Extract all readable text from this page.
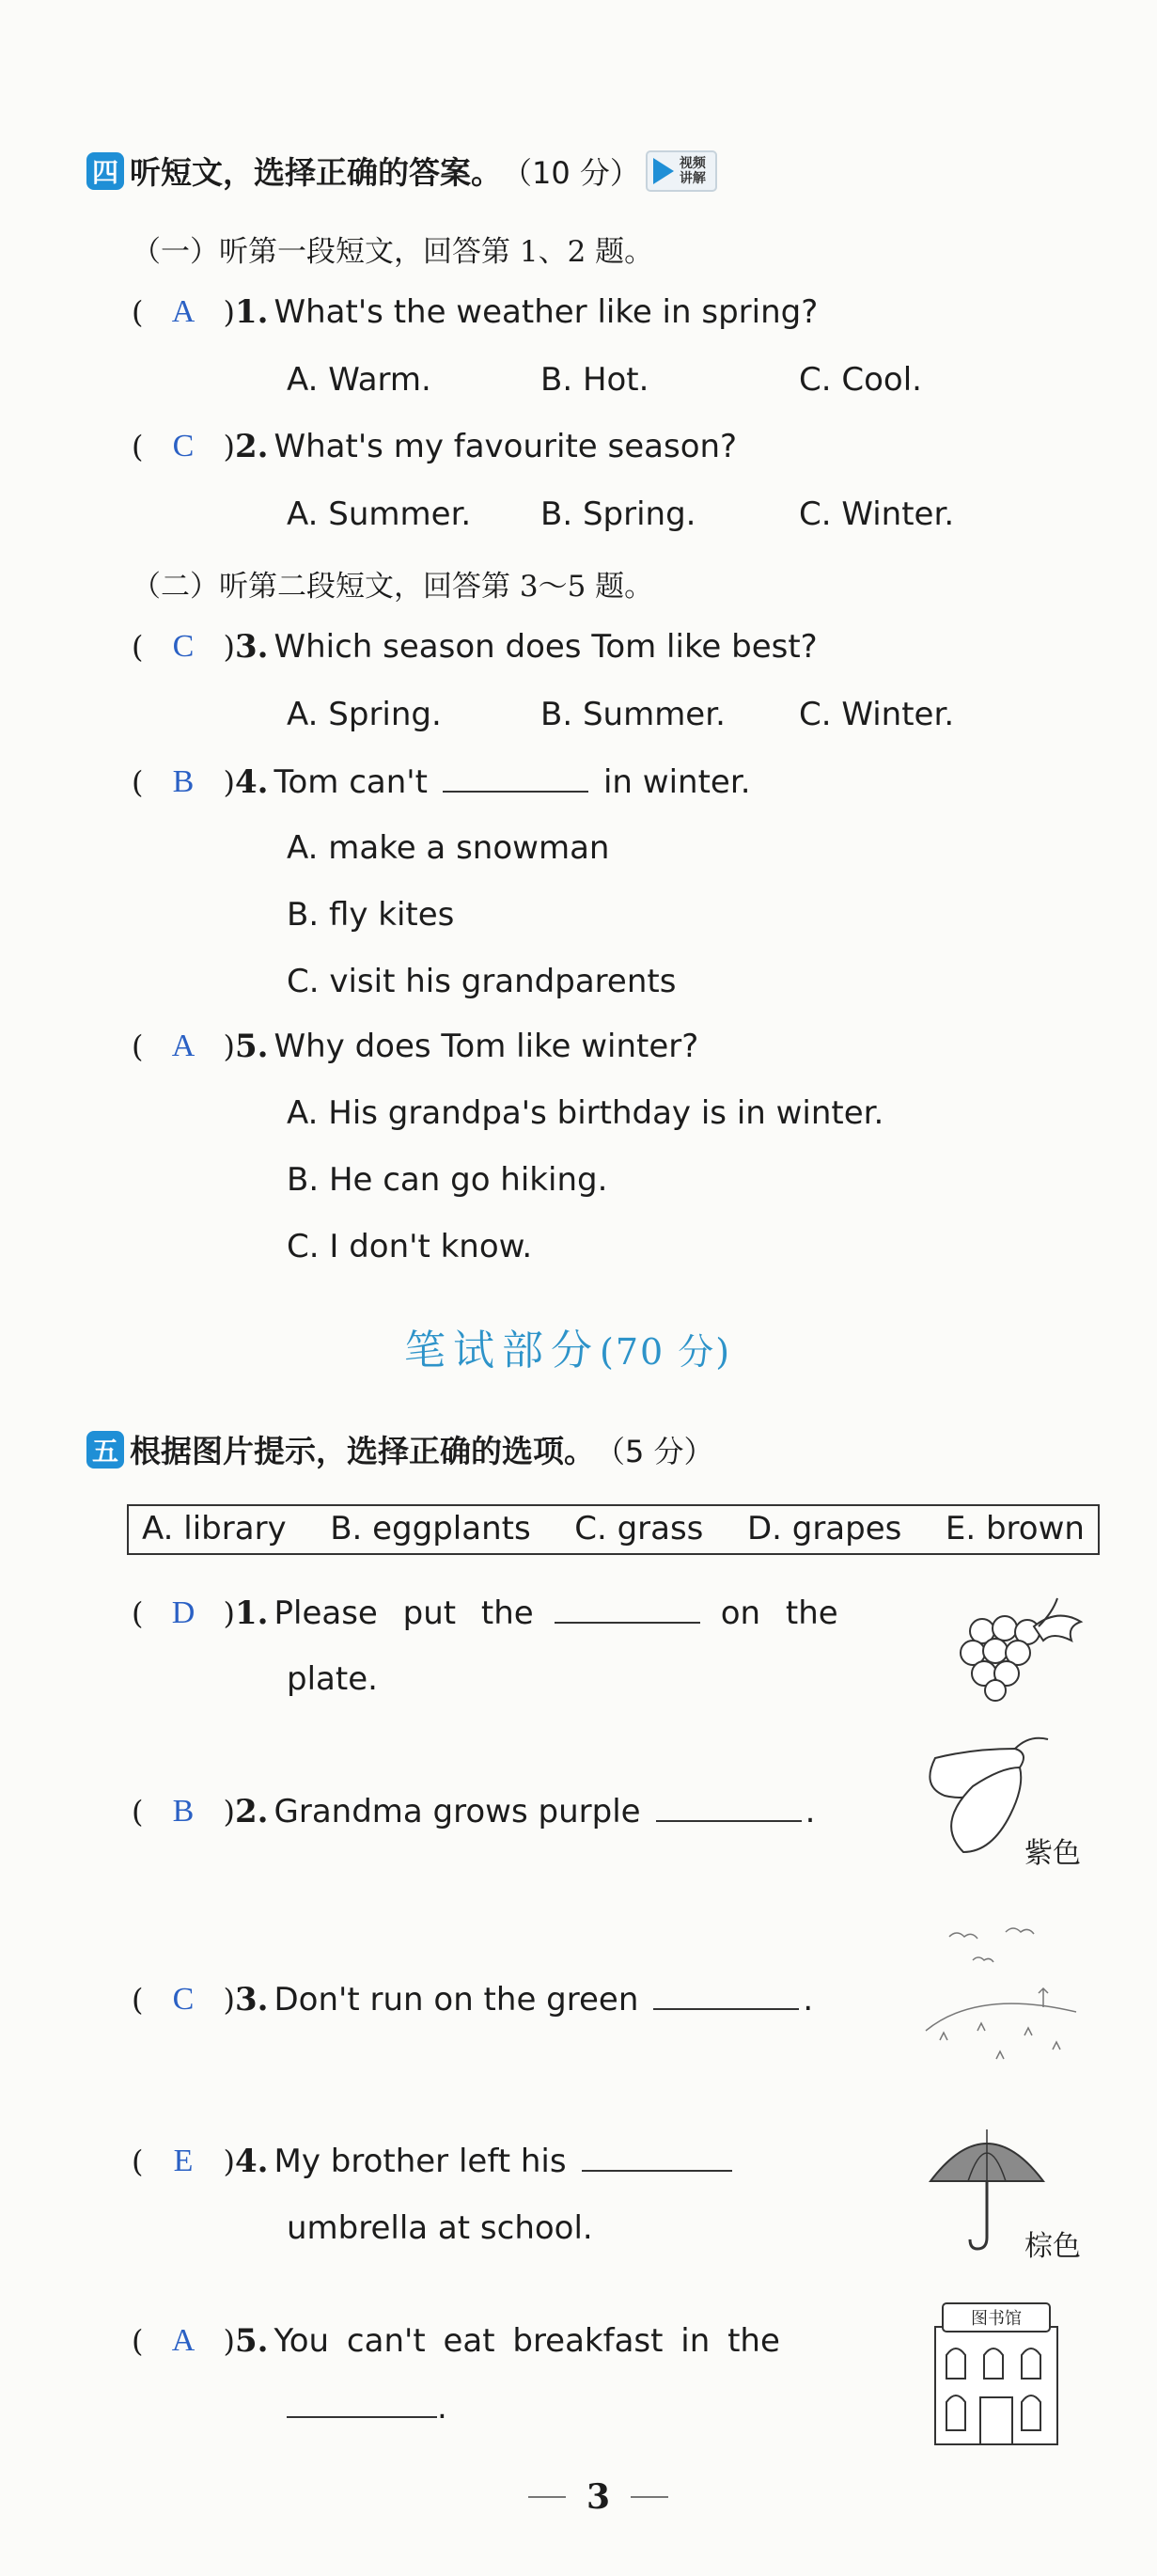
四 听短文，选择正确的答案。 （10 分）	视频
讲解
（一）听第一段短文，回答第 1、2 题。
( A ) 1. What's the weather like in spring?
A. Warm.	B. Hot.	C. Cool.
( C ) 2. What's my favourite season?
A. Summer. B. Spring.	C. Winter.
（二）听第二段短文，回答第 3～5 题。
( C ) 3. Which season does Tom like best?
A. Spring.	B. Summer. C. Winter.
( B ) 4. Tom can't	in winter.
A. make a snowman
B. fly kites
C. visit his grandparents
( A ) 5. Why does Tom like winter?
A. His grandpa's birthday is in winter.
B. He can go hiking.
C. I don't know.
笔试部分(70 分)
五 根据图片提示，选择正确的选项。 （5 分）
A. library B. eggplants C. grass D. grapes E. brown
( D ) 1. Please put the	on the
plate.
( B ) 2. Grandma grows purple	.
紫色
( C ) 3. Don't run on the green	.
( E ) 4. My brother left his
umbrella at school.	棕色
( A ) 5. You can't eat breakfast in the
.
图书馆
3
